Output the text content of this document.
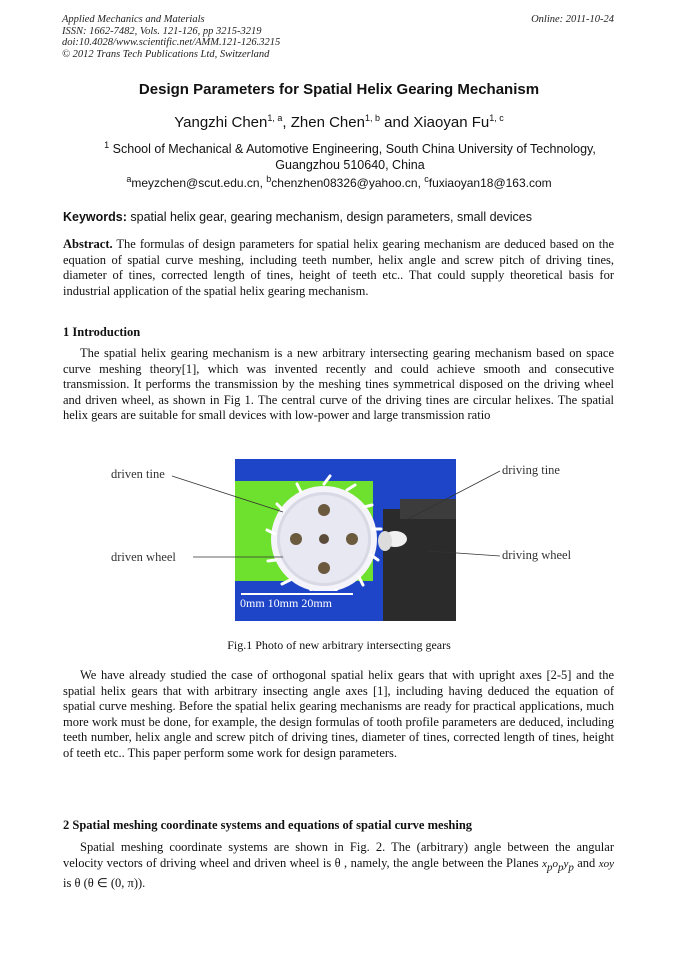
Applied Mechanics and Materials
ISSN: 1662-7482, Vols. 121-126, pp 3215-3219
doi:10.4028/www.scientific.net/AMM.121-126.3215
© 2012 Trans Tech Publications Ltd, Switzerland
Online: 2011-10-24
Design Parameters for Spatial Helix Gearing Mechanism
Yangzhi Chen$^{1, a}$, Zhen Chen$^{1, b}$ and Xiaoyan Fu$^{1, c}$
$^1$ School of Mechanical & Automotive Engineering, South China University of Technology, Guangzhou 510640, China
$^a$meyzchen@scut.edu.cn, $^b$chenzhen08326@yahoo.cn, $^c$fuxiaoyan18@163.com
Keywords: spatial helix gear, gearing mechanism, design parameters, small devices
Abstract. The formulas of design parameters for spatial helix gearing mechanism are deduced based on the equation of spatial curve meshing, including teeth number, helix angle and screw pitch of driving tines, diameter of tines, corrected length of tines, height of teeth etc.. That could supply theoretical basis for industrial application of the spatial helix gearing mechanism.
1 Introduction
The spatial helix gearing mechanism is a new arbitrary intersecting gearing mechanism based on space curve meshing theory[1], which was invented recently and could achieve smooth and consecutive transmission. It performs the transmission by the meshing tines symmetrical disposed on the driving wheel and driven wheel, as shown in Fig 1. The central curve of the driving tines are circular helixes. The spatial helix gears are suitable for small devices with low-power and large transmission ratio
0mm 10mm 20mm
driven tine
driven wheel
driving tine
driving wheel
Fig.1 Photo of new arbitrary intersecting gears
We have already studied the case of orthogonal spatial helix gears that with upright axes [2-5] and the spatial helix gears that with arbitrary insecting angle axes [1], including having deduced the equation of spatial curve meshing. Before the spatial helix gearing mechanisms are ready for practical applications, much more work must be done, for example, the design formulas of tooth profile parameters are deduced, including teeth number, helix angle and screw pitch of driving tines, diameter of tines, corrected length of tines, height of teeth etc.. This paper perform some work for design parameters.
2 Spatial meshing coordinate systems and equations of spatial curve meshing
Spatial meshing coordinate systems are shown in Fig. 2. The (arbitrary) angle between the angular velocity vectors of driving wheel and driven wheel is θ , namely, the angle between the Planes $x_po_py_p$ and xoy is θ (θ ∈ (0, π)).
